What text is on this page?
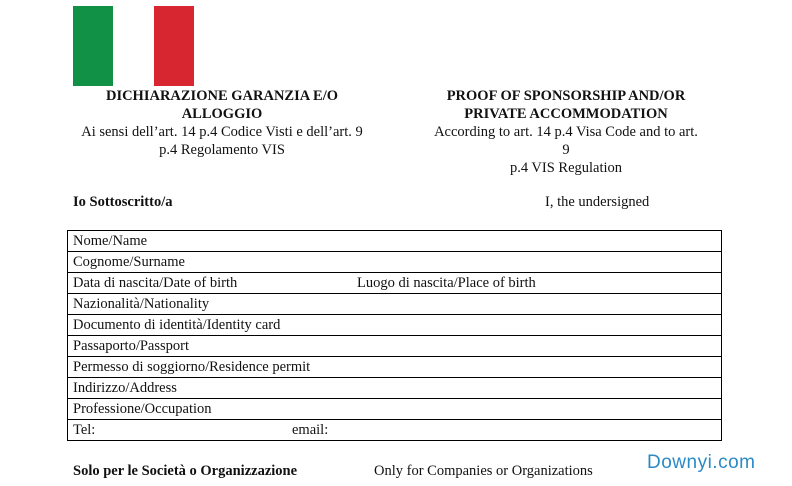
DICHIARAZIONE GARANZIA E/O ALLOGGIO
Ai sensi dell’art. 14 p.4 Codice Visti e dell’art. 9 p.4 Regolamento VIS
PROOF OF SPONSORSHIP AND/OR PRIVATE ACCOMMODATION
According to art. 14 p.4 Visa Code and to art.
9
p.4 VIS Regulation
Io Sottoscritto/a	I, the undersigned
Nome/Name
Cognome/Surname
Data di nascita/Date of birth	Luogo di nascita/Place of birth

Nazionalità/Nationality
Documento di identità/Identity card
Passaporto/Passport
Permesso di soggiorno/Residence permit
Indirizzo/Address
Professione/Occupation
Tel:	email:
Solo per le Società o Organizzazione	Only for Companies or Organizations	Downyi.com
